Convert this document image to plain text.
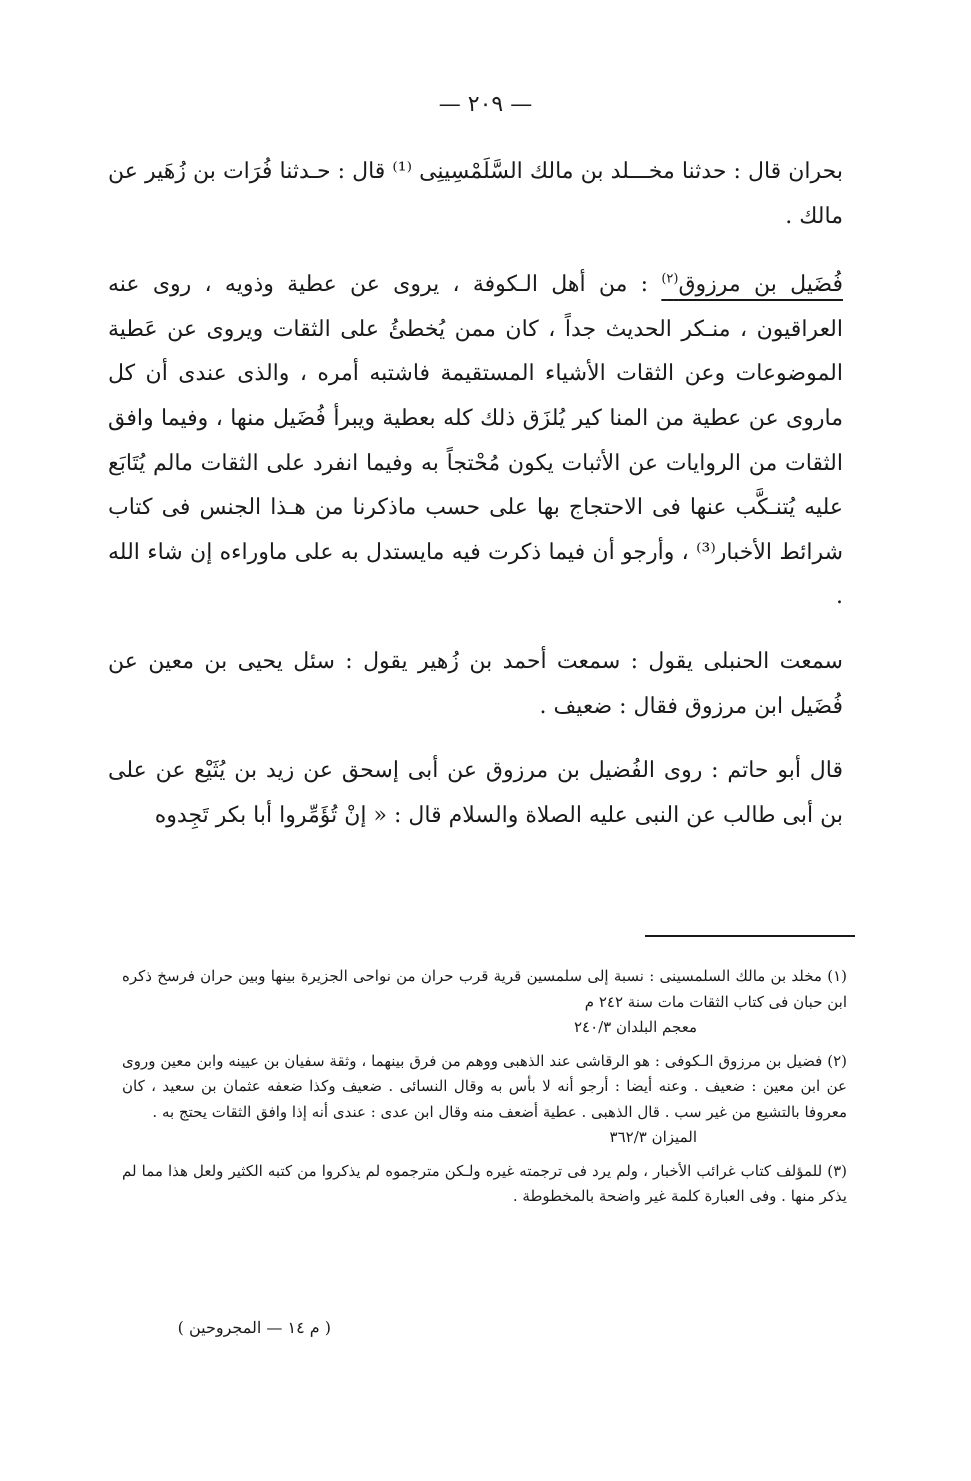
— ٢٠٩ —

بحران قال : حدثنا مخـــلد بن مالك السَّلَمْسِينِى ⁽¹⁾ قال : حـدثنا فُرَات بن زُهَير عن مالك .

فُضَيل بن مرزوق$^{(٢)}$ : من أهل الـكوفة ، يروى عن عطية وذويه ، روى عنه العراقيون ، منـكر الحديث جداً ، كان ممن يُخطئُ على الثقات ويروى عن عَطية الموضوعات وعن الثقات الأشياء المستقيمة فاشتبه أمره ، والذى عندى أن كل ماروى عن عطية من المنا كير يُلزَق ذلك كله بعطية ويبرأ فُضَيل منها ، وفيما وافق الثقات من الروايات عن الأثبات يكون مُحْتجاً به وفيما انفرد على الثقات مالم يُتَابَع عليه يُتنـكَّب عنها فى الاحتجاج بها على حسب ماذكرنا من هـذا الجنس فى كتاب شرائط الأخبار⁽³⁾ ، وأرجو أن فيما ذكرت فيه مايستدل به على ماوراءه إن شاء الله .

سمعت الحنبلى يقول : سمعت أحمد بن زُهير يقول : سئل يحيى بن معين عن فُضَيل ابن مرزوق فقال : ضعيف .

قال أبو حاتم : روى الفُضيل بن مرزوق عن أبى إسحق عن زيد بن يُثَيْع عن على بن أبى طالب عن النبى عليه الصلاة والسلام قال : « إنْ تُؤَمِّروا أبا بكر تَجِدوه

(١) مخلد بن مالك السلمسينى : نسبة إلى سلمسين قرية قرب حران من نواحى الجزيرة بينها وبين حران فرسخ ذكره ابن حبان فى كتاب الثقات مات سنة ٢٤٢ م

معجم البلدان ٢٤٠/٣

(٢) فضيل بن مرزوق الـكوفى : هو الرقاشى عند الذهبى ووهم من فرق بينهما ، وثقة سفيان بن عيينه وابن معين وروى عن ابن معين : ضعيف . وعنه أيضا : أرجو أنه لا بأس به وقال النسائى . ضعيف وكذا ضعفه عثمان بن سعيد ، كان معروفا بالتشيع من غير سب . قال الذهبى . عطية أضعف منه وقال ابن عدى : عندى أنه إذا وافق الثقات يحتج به .

الميزان ٣٦٢/٣

(٣) للمؤلف كتاب غرائب الأخبار ، ولم يرد فى ترجمته غيره ولـكن مترجموه لم يذكروا من كتبه الكثير ولعل هذا مما لم يذكر منها . وفى العبارة كلمة غير واضحة بالمخطوطة .

( م ١٤ — المجروحين )
